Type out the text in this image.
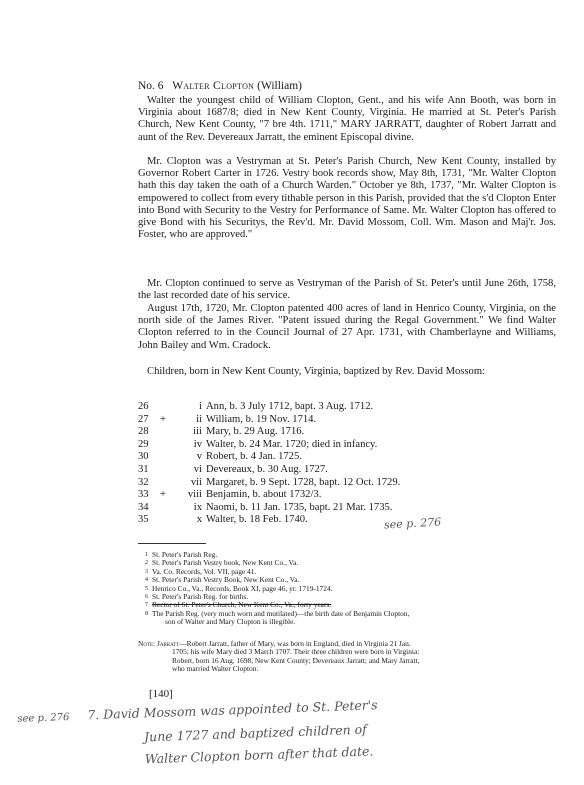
No. 6 Walter Clopton (William)

Walter the youngest child of William Clopton, Gent., and his wife Ann Booth, was born in Virginia about 1687/8; died in New Kent County, Virginia. He married at St. Peter's Parish Church, New Kent County, "7 bre 4th. 1711," MARY JARRATT, daughter of Robert Jarratt and aunt of the Rev. Devereaux Jarratt, the eminent Episcopal divine.

Mr. Clopton was a Vestryman at St. Peter's Parish Church, New Kent County, installed by Governor Robert Carter in 1726. Vestry book records show, May 8th, 1731, "Mr. Walter Clopton hath this day taken the oath of a Church Warden." October ye 8th, 1737, "Mr. Walter Clopton is empowered to collect from every tithable person in this Parish, provided that the s'd Clopton Enter into Bond with Security to the Vestry for Performance of Same. Mr. Walter Clopton has offered to give Bond with his Securitys, the Rev'd. Mr. David Mossom, Coll. Wm. Mason and Maj'r. Jos. Foster, who are approved."

Mr. Clopton continued to serve as Vestryman of the Parish of St. Peter's until June 26th, 1758, the last recorded date of his service.

August 17th, 1720, Mr. Clopton patented 400 acres of land in Henrico County, Virginia, on the north side of the James River. "Patent issued during the Regal Government." We find Walter Clopton referred to in the Council Journal of 27 Apr. 1731, with Chamberlayne and Williams, John Bailey and Wm. Cradock.

Children, born in New Kent County, Virginia, baptized by Rev. David Mossom:

26	i Ann, b. 3 July 1712, bapt. 3 Aug. 1712.
27	+	ii William, b. 19 Nov. 1714.
28	iii Mary, b. 29 Aug. 1716.
29	iv Walter, b. 24 Mar. 1720; died in infancy.
30	v Robert, b. 4 Jan. 1725.
31	vi Devereaux, b. 30 Aug. 1727.
32	vii Margaret, b. 9 Sept. 1728, bapt. 12 Oct. 1729.
33	+	viii Benjamin, b. about 1732/3.
34	ix Naomi, b. 11 Jan. 1735, bapt. 21 Mar. 1735.
35	x Walter, b. 18 Feb. 1740.	see p. 276

$^1$ St. Peter's Parish Reg.

$^2$ St. Peter's Parish Vestry book, New Kent Co., Va.

$^3$ Va. Co. Records, Vol. VII, page 41.

$^4$ St. Peter's Parish Vestry Book, New Kent Co., Va.

$^5$ Henrico Co., Va., Records, Book XI, page 46, yr. 1719-1724.

$^6$ St. Peter's Parish Reg. for births.

$^7$ Rector of St. Peter's Church, New Kent Co., Va., forty years.

$^8$ The Parish Reg. (very much worn and mutilated)—the birth date of Benjamin Clopton,

son of Walter and Mary Clopton is illegible.

Note: Jarratt—Robert Jarratt, father of Mary, was born in England, died in Virginia 21 Jan.
1705; his wife Mary died 3 March 1707. Their three children were born in Virginia:
Robert, born 16 Aug. 1698, New Kent County; Devereaux Jarratt; and Mary Jarratt,
who married Walter Clopton.

[140]
see p. 276 7. David Mossom was appointed to St. Peter's
June 1727 and baptized children of
Walter Clopton born after that date.
